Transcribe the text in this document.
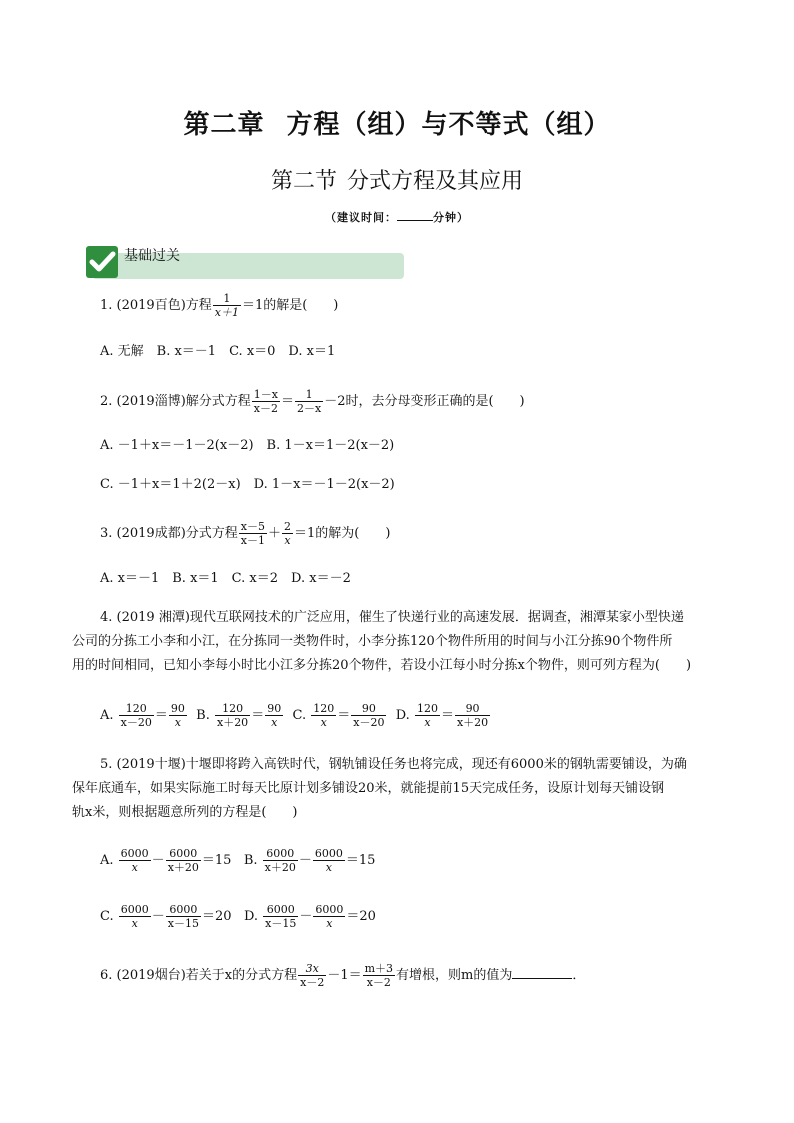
第二章 方程（组）与不等式（组）
第二节 分式方程及其应用
（建议时间：	分钟）
基础过关
1. (2019百色)方程 $\frac{1}{x+1} =1$的解是(　　)
A. 无解　B. x＝－1　C. x＝0　D. x＝1
2. (2019淄博)解分式方程 $\frac{1-x}{x-2} = \frac{1}{2-x} -2$时，去分母变形正确的是(　　)
A. －1＋x＝－1－2(x－2)　B. 1－x＝1－2(x－2)
C. －1＋x＝1＋2(2－x)　D. 1－x＝－1－2(x－2)
3. (2019成都)分式方程 $\frac{x-5}{x-1} + \frac{2}{x} =1$的解为(　　)
A. x＝－1　B. x＝1　C. x＝2　D. x＝－2
4. (2019 湘潭)现代互联网技术的广泛应用，催生了快递行业的高速发展．据调查，湘潭某家小型快递
公司的分拣工小李和小江，在分拣同一类物件时，小李分拣120个物件所用的时间与小江分拣90个物件所
用的时间相同，已知小李每小时比小江多分拣20个物件，若设小江每小时分拣x个物件，则可列方程为(　　)
A. $\frac{120}{x-20} = \frac{90}{x} B$. $\frac{120}{x+20} = \frac{90}{x} C$. $\frac{120}{x} = \frac{90}{x-20} D$. $\frac{120}{x} = \frac{90}{x+20}$
5. (2019十堰)十堰即将跨入高铁时代，钢轨铺设任务也将完成，现还有6000米的钢轨需要铺设，为确
保年底通车，如果实际施工时每天比原计划多铺设20米，就能提前15天完成任务，设原计划每天铺设钢
轨x米，则根据题意所列的方程是(　　)
A. $\frac{6000}{x} - \frac{6000}{x+20} =15$ B. $\frac{6000}{x+20} - \frac{6000}{x} =15$
C. $\frac{6000}{x} - \frac{6000}{x-15} =20$ D. $\frac{6000}{x-15} - \frac{6000}{x} =20$
6. (2019烟台)若关于x的分式方程 $\frac{3x}{x-2} -1= \frac{m+3}{x-2}$ 有增根，则m的值为	．
